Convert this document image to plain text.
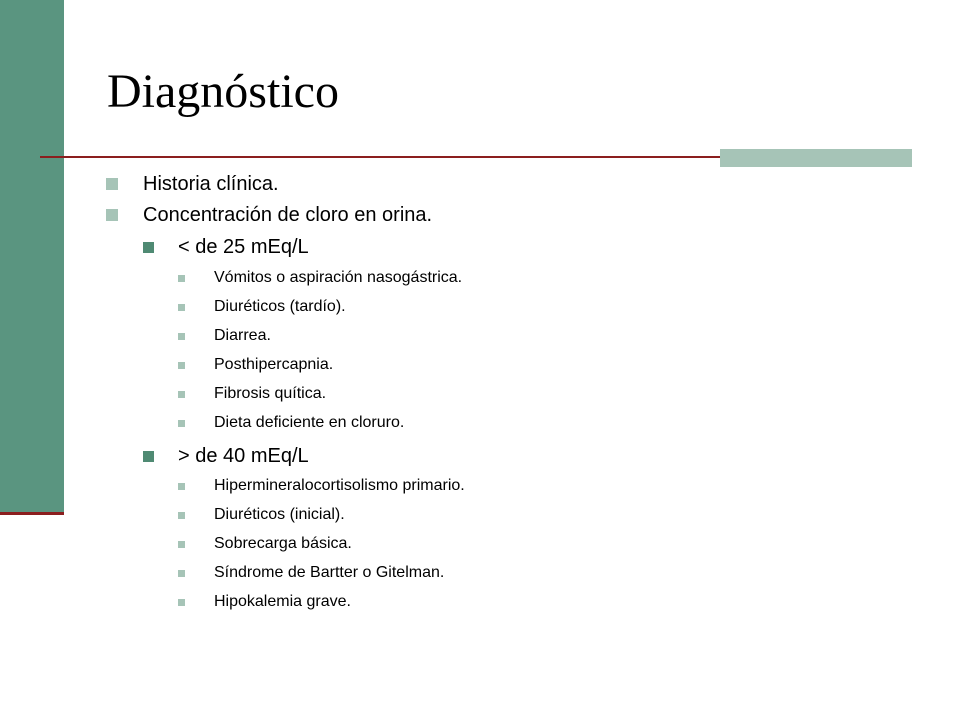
Diagnóstico
Historia clínica.
Concentración de cloro en orina.
< de 25 mEq/L
Vómitos o aspiración nasogástrica.
Diuréticos (tardío).
Diarrea.
Posthipercapnia.
Fibrosis quítica.
Dieta deficiente en cloruro.
> de 40 mEq/L
Hipermineralocortisolismo primario.
Diuréticos (inicial).
Sobrecarga básica.
Síndrome de Bartter o Gitelman.
Hipokalemia grave.
